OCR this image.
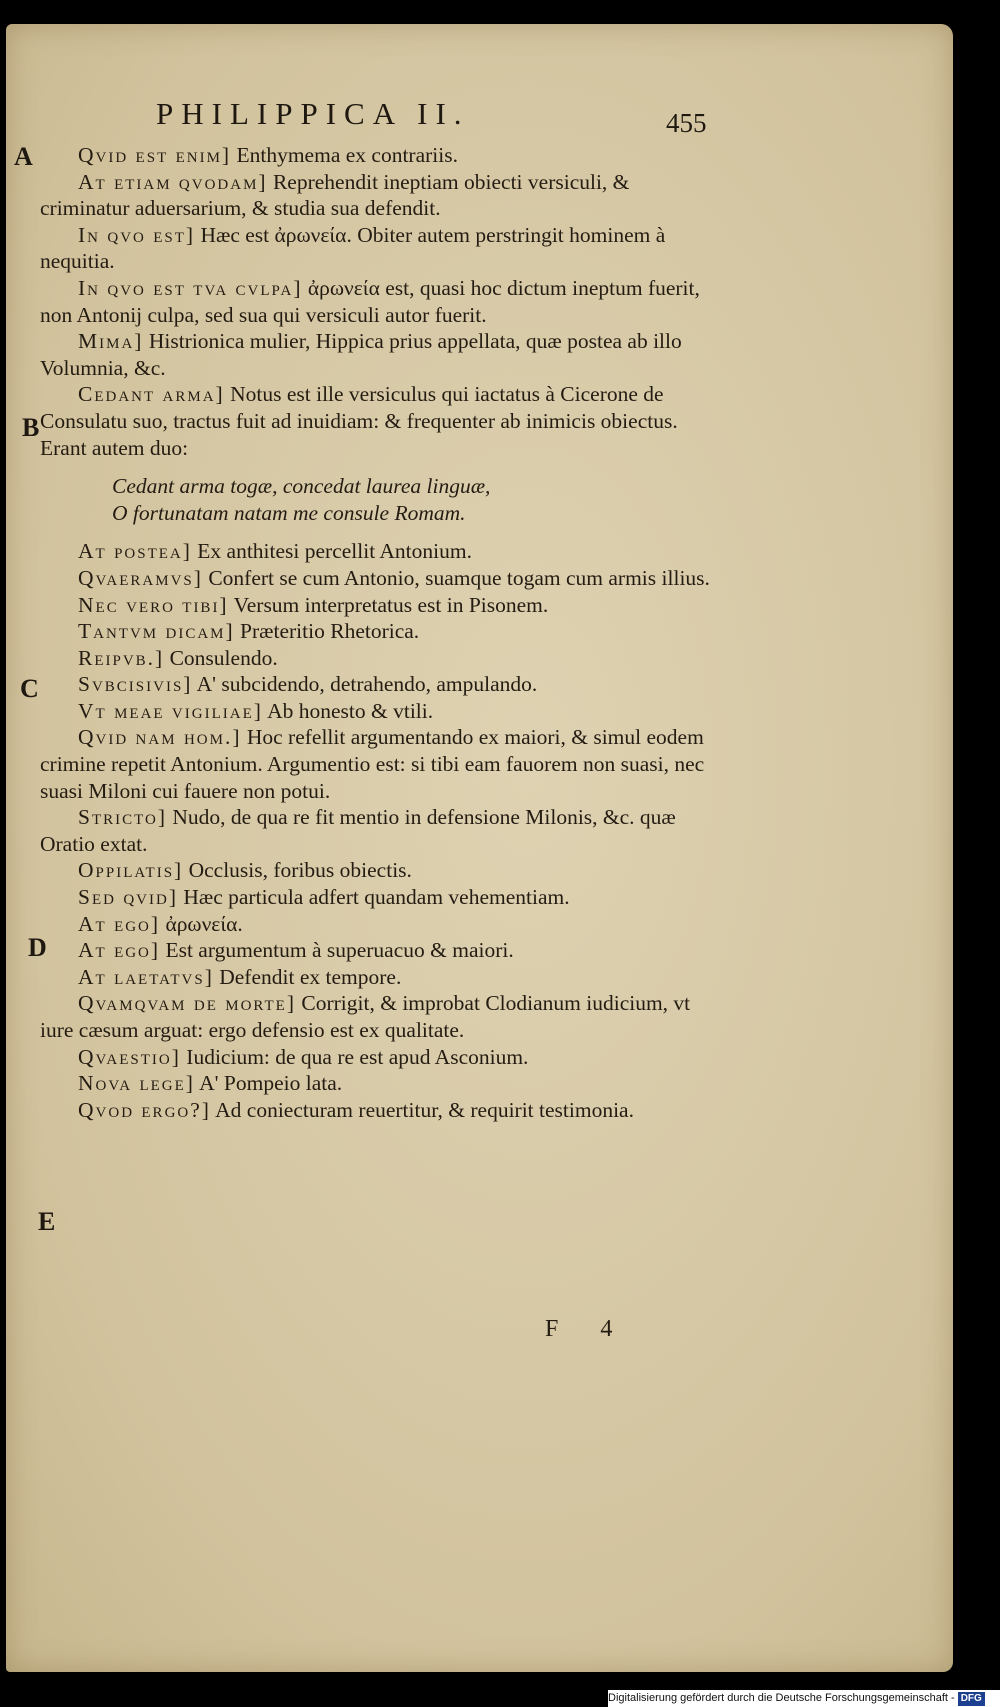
PHILIPPICA II.	455
A
B
C
D
E

Qvid est enim] Enthymema ex contrariis.

At etiam qvodam] Reprehendit ineptiam obiecti versiculi, & criminatur aduersarium, & studia sua defendit.

In qvo est] Hæc est ἀρωνεία. Obiter autem perstringit hominem à nequitia.

In qvo est tva cvlpa] ἀρωνεία est, quasi hoc dictum ineptum fuerit, non Antonij culpa, sed sua qui versiculi autor fuerit.

Mima] Histrionica mulier, Hippica prius appellata, quæ postea ab illo Volumnia, &c.

Cedant arma] Notus est ille versiculus qui iactatus à Cicerone de Consulatu suo, tractus fuit ad inuidiam: & frequenter ab inimicis obiectus. Erant autem duo:

Cedant arma togæ, concedat laurea linguæ,

O fortunatam natam me consule Romam.

At postea] Ex anthitesi percellit Antonium.

Qvaeramvs] Confert se cum Antonio, suamque togam cum armis illius.

Nec vero tibi] Versum interpretatus est in Pisonem.

Tantvm dicam] Præteritio Rhetorica.

Reipvb.] Consulendo.

Svbcisivis] A' subcidendo, detrahendo, ampulando.

Vt meae vigiliae] Ab honesto & vtili.

Qvid nam hom.] Hoc refellit argumentando ex maiori, & simul eodem crimine repetit Antonium. Argumentio est: si tibi eam fauorem non suasi, nec suasi Miloni cui fauere non potui.

Stricto] Nudo, de qua re fit mentio in defensione Milonis, &c. quæ Oratio extat.

Oppilatis] Occlusis, foribus obiectis.

Sed qvid] Hæc particula adfert quandam vehementiam.

At ego] ἀρωνεία.

At ego] Est argumentum à superuacuo & maiori.

At laetatvs] Defendit ex tempore.

Qvamqvam de morte] Corrigit, & improbat Clodianum iudicium, vt iure cæsum arguat: ergo defensio est ex qualitate.

Qvaestio] Iudicium: de qua re est apud Asconium.

Nova lege] A' Pompeio lata.

Qvod ergo?] Ad coniecturam reuertitur, & requirit testimonia.

F 4
Digitalisierung gefördert durch die Deutsche Forschungsgemeinschaft - DFG
